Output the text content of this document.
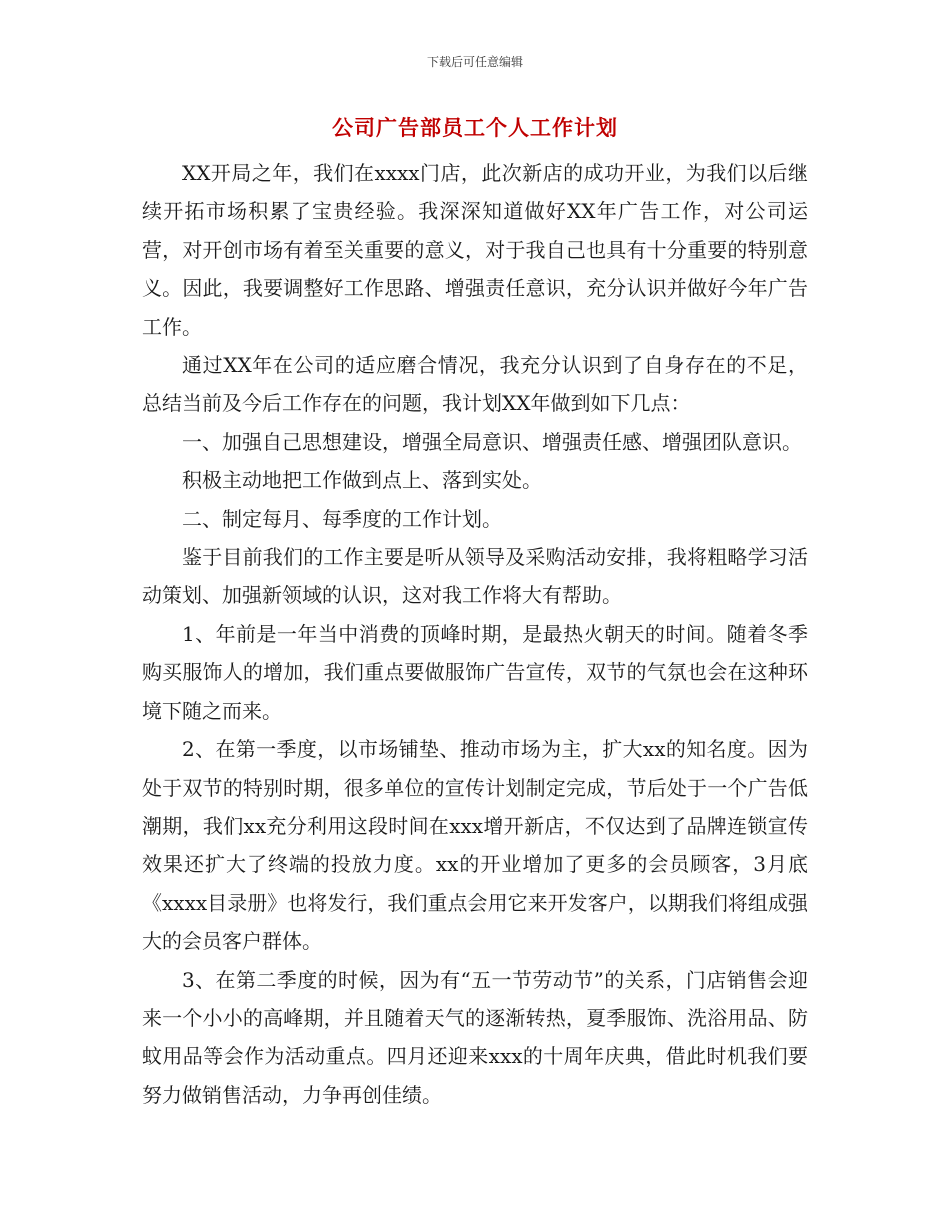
下载后可任意编辑
公司广告部员工个人工作计划

XX开局之年，我们在xxxx门店，此次新店的成功开业，为我们以后继续开拓市场积累了宝贵经验。我深深知道做好XX年广告工作，对公司运营，对开创市场有着至关重要的意义，对于我自己也具有十分重要的特别意义。因此，我要调整好工作思路、增强责任意识，充分认识并做好今年广告工作。

通过XX年在公司的适应磨合情况，我充分认识到了自身存在的不足，总结当前及今后工作存在的问题，我计划XX年做到如下几点：

一、加强自己思想建设，增强全局意识、增强责任感、增强团队意识。

积极主动地把工作做到点上、落到实处。

二、制定每月、每季度的工作计划。

鉴于目前我们的工作主要是听从领导及采购活动安排，我将粗略学习活动策划、加强新领域的认识，这对我工作将大有帮助。

1、年前是一年当中消费的顶峰时期，是最热火朝天的时间。随着冬季购买服饰人的增加，我们重点要做服饰广告宣传，双节的气氛也会在这种环境下随之而来。

2、在第一季度，以市场铺垫、推动市场为主，扩大xx的知名度。因为处于双节的特别时期，很多单位的宣传计划制定完成，节后处于一个广告低潮期，我们xx充分利用这段时间在xxx增开新店，不仅达到了品牌连锁宣传效果还扩大了终端的投放力度。xx的开业增加了更多的会员顾客，3月底《xxxx目录册》也将发行，我们重点会用它来开发客户，以期我们将组成强大的会员客户群体。

3、在第二季度的时候，因为有“五一节劳动节”的关系，门店销售会迎来一个小小的高峰期，并且随着天气的逐渐转热，夏季服饰、洗浴用品、防蚊用品等会作为活动重点。四月还迎来xxx的十周年庆典，借此时机我们要努力做销售活动，力争再创佳绩。
